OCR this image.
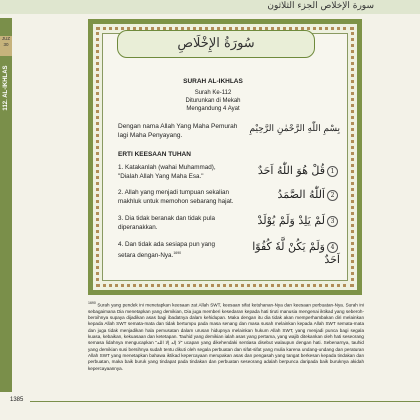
سورة الإخلاص الجزء الثلاثون
JUZ 30
112. AL-IKHLAS
سُورَةُ الإِخْلَاصِ
SURAH AL-IKHLAS
Surah Ke-112
Diturunkan di Mekah
Mengandung 4 Ayat
Dengan nama Allah Yang Maha Pemurah lagi Maha Penyayang.
بِسْمِ اللّٰهِ الرَّحْمٰنِ الرَّحِيْمِ
ERTI KEESAAN TUHAN
1. Katakanlah (wahai Muhammad), "Dialah Allah Yang Maha Esa."
1قُلْ هُوَ اللّٰهُ اَحَدٌ
2. Allah yang menjadi tumpuan sekalian makhluk untuk memohon sebarang hajat.
2اَللّٰهُ الصَّمَدُ
3. Dia tidak beranak dan tidak pula diperanakkan.
3لَمْ يَلِدْ وَلَمْ يُوْلَدْ
4. Dan tidak ada sesiapa pun yang setara dengan-Nya.$^{1690}$
4وَلَمْ يَكُنْ لَّهٗ كُفُوًا اَحَدٌ
$^{1690}$ Surah yang pendek ini menetapkan keesaan zat Allah SWT, keesaan sifat ketuhanan-Nya dan keesaan perbuatan-Nya. Surah ini sebagaimana Dia menetapkan yang demikian, Dia juga memberi kesedaran kepada hati tiruti manusia mengenai iktikad yang seberoh-beroihnya supaya dijadikan asas bagi ibadatnya dalam kehidupan. Maka dengan itu dia tidak akan memperhambakan diri melainkan kepada Allah SWT semata-mata dan tidak bertumpu pada masa senang dan masa susah melainkan kepada Allah SWT semata-mata dan juga tidak menjadikan hala pemusatan dalam urusan hidupnya melainkan hukum Allah SWT, yang menjadi punca bagi segala kuasa, kebaikan, kekuasaan dan ketetapan. Tauhid yang demikian ialah asas yang pertama, yang wajib ditekankan oleh hati seseorang semasa lidahnya mengucapkan "لا إله إلا الله" ucapan yang dikehendaki sentiasa disebut walaupun dengan hati. Sebenarnya, tauhid yang demikian susi bersihnya sudah tentu dikuti oleh segala perbuatan dan sifat-sifat yang mulia karena undang-undang dan peraturan Allah SWT yang menetapkan bahawa iktikad kepercayaan merupakan asas dan pengasah yang tangat berkesan kepada tindakan dan perbuatan, maka baik buruk yang tindapat pada tindakan dan perbuatan seseorang adalah berpunca daripada baik buruknya akidah kepercayaannya.
1385
